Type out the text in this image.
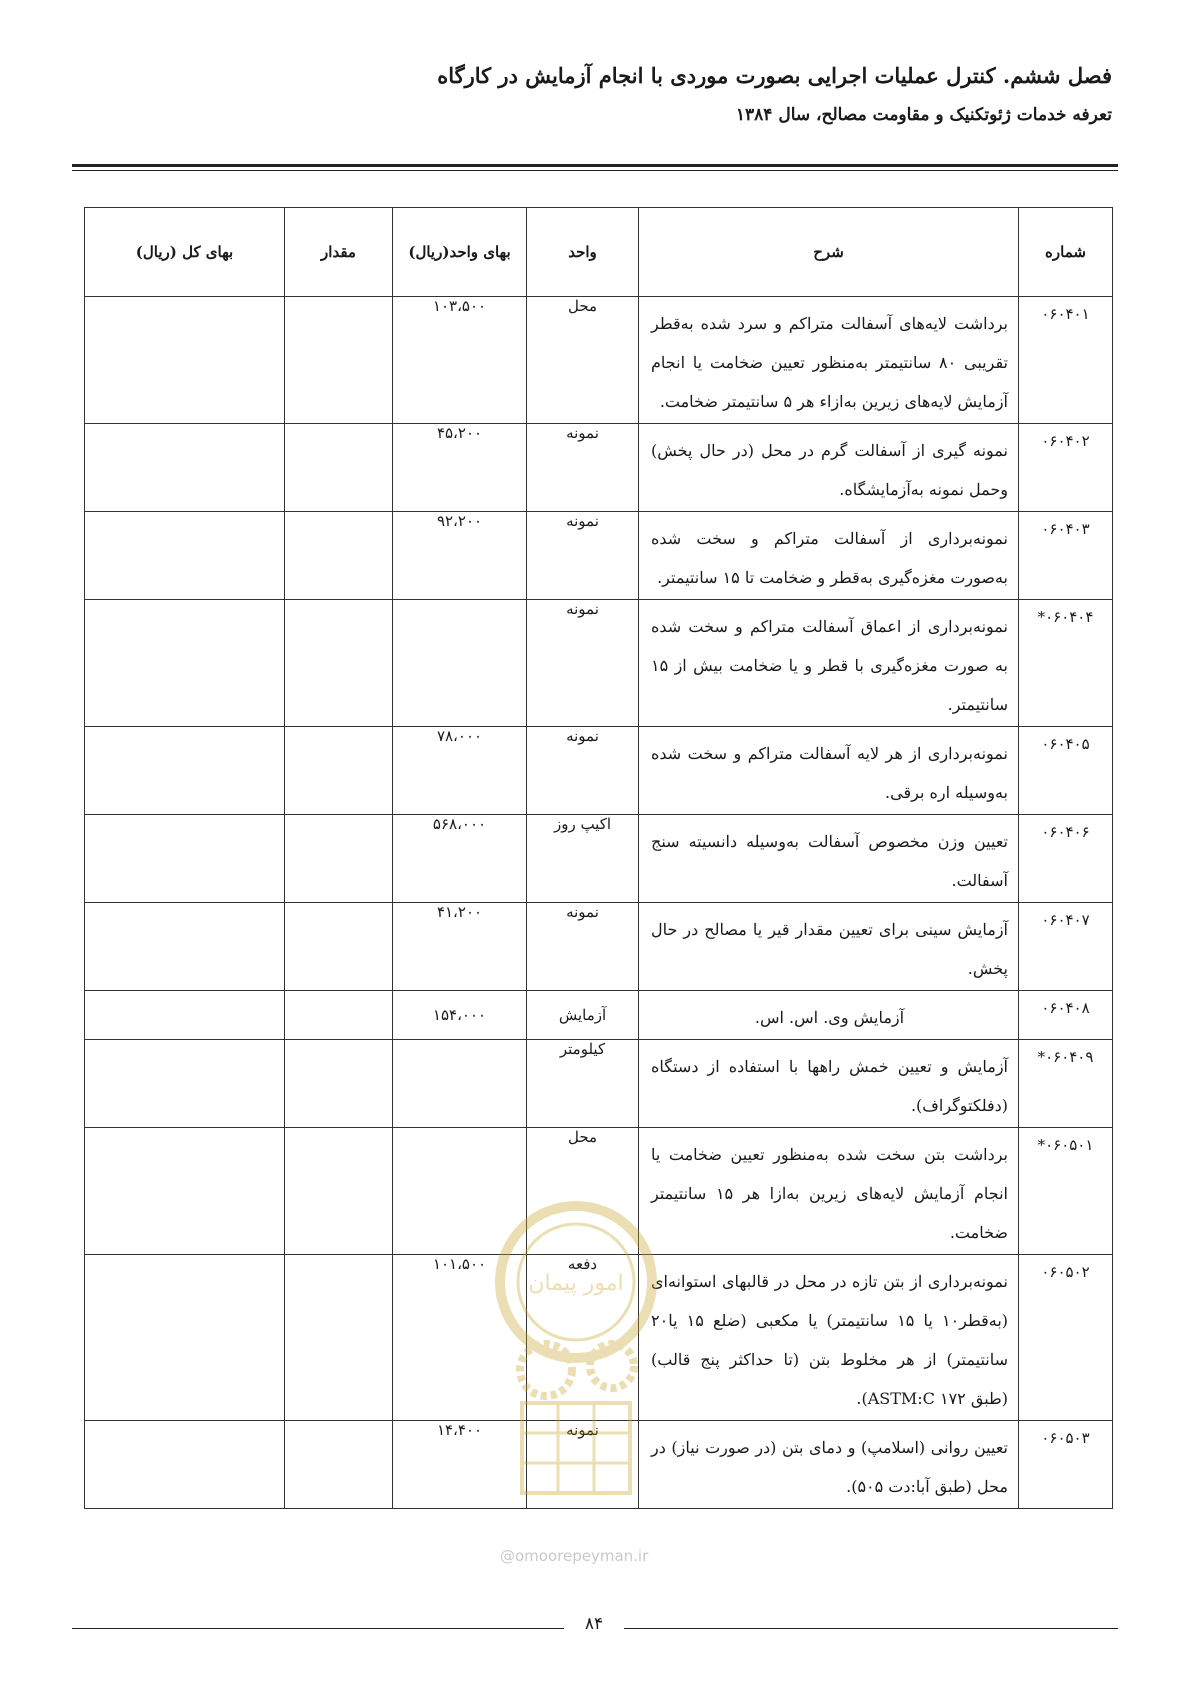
فصل ششم. کنترل عملیات اجرایی بصورت موردی با انجام آزمایش در کارگاه
تعرفه خدمات ژئوتکنیک و مقاومت مصالح، سال ۱۳۸۴
شماره	شرح	واحد	بهای واحد(ریال)	مقدار	بهای کل (ریال)
۰۶۰۴۰۱	برداشت لایه‌های آسفالت متراکم و سرد شده به‌قطر تقریبی ۸۰ سانتیمتر به‌منظور تعیین ضخامت یا انجام آزمایش لایه‌های زیرین به‌ازاء هر ۵ سانتیمتر ضخامت.	محل	۱۰۳،۵۰۰		
۰۶۰۴۰۲	نمونه گیری از آسفالت گرم در محل (در حال پخش) وحمل نمونه به‌آزمایشگاه.	نمونه	۴۵،۲۰۰		
۰۶۰۴۰۳	نمونه‌برداری از آسفالت متراکم و سخت شده به‌صورت مغزه‌گیری به‌قطر و ضخامت تا ۱۵ سانتیمتر.	نمونه	۹۲،۲۰۰		
۰۶۰۴۰۴*	نمونه‌برداری از اعماق آسفالت متراکم و سخت شده به صورت مغزه‌گیری با قطر و یا ضخامت بیش از ۱۵ سانتیمتر.	نمونه			
۰۶۰۴۰۵	نمونه‌برداری از هر لایه آسفالت متراکم و سخت شده به‌وسیله اره برقی.	نمونه	۷۸،۰۰۰		
۰۶۰۴۰۶	تعیین وزن مخصوص آسفالت به‌وسیله دانسیته سنج آسفالت.	اکیپ روز	۵۶۸،۰۰۰		
۰۶۰۴۰۷	آزمایش سینی برای تعیین مقدار قیر یا مصالح در حال پخش.	نمونه	۴۱،۲۰۰		
۰۶۰۴۰۸	آزمایش وی. اس. اس.	آزمایش	۱۵۴،۰۰۰		
۰۶۰۴۰۹*	آزمایش و تعیین خمش راهها با استفاده از دستگاه (دفلکتوگراف).	کیلومتر			
۰۶۰۵۰۱*	برداشت بتن سخت شده به‌منظور تعیین ضخامت یا انجام آزمایش لایه‌های زیرین به‌ازا هر ۱۵ سانتیمتر ضخامت.	محل			
۰۶۰۵۰۲	نمونه‌برداری از بتن تازه در محل در قالبهای استوانه‌ای (به‌قطر۱۰ یا ۱۵ سانتیمتر) یا مکعبی (ضلع ۱۵ یا۲۰ سانتیمتر) از هر مخلوط بتن (تا حداکثر پنج قالب) (طبق ASTM:C ۱۷۲).	دفعه	۱۰۱،۵۰۰		
۰۶۰۵۰۳	تعیین روانی (اسلامپ) و دمای بتن (در صورت نیاز) در محل (طبق آبا:دت ۵۰۵).	نمونه	۱۴،۴۰۰		
امور پیمان
@omoorepeyman.ir
۸۴
